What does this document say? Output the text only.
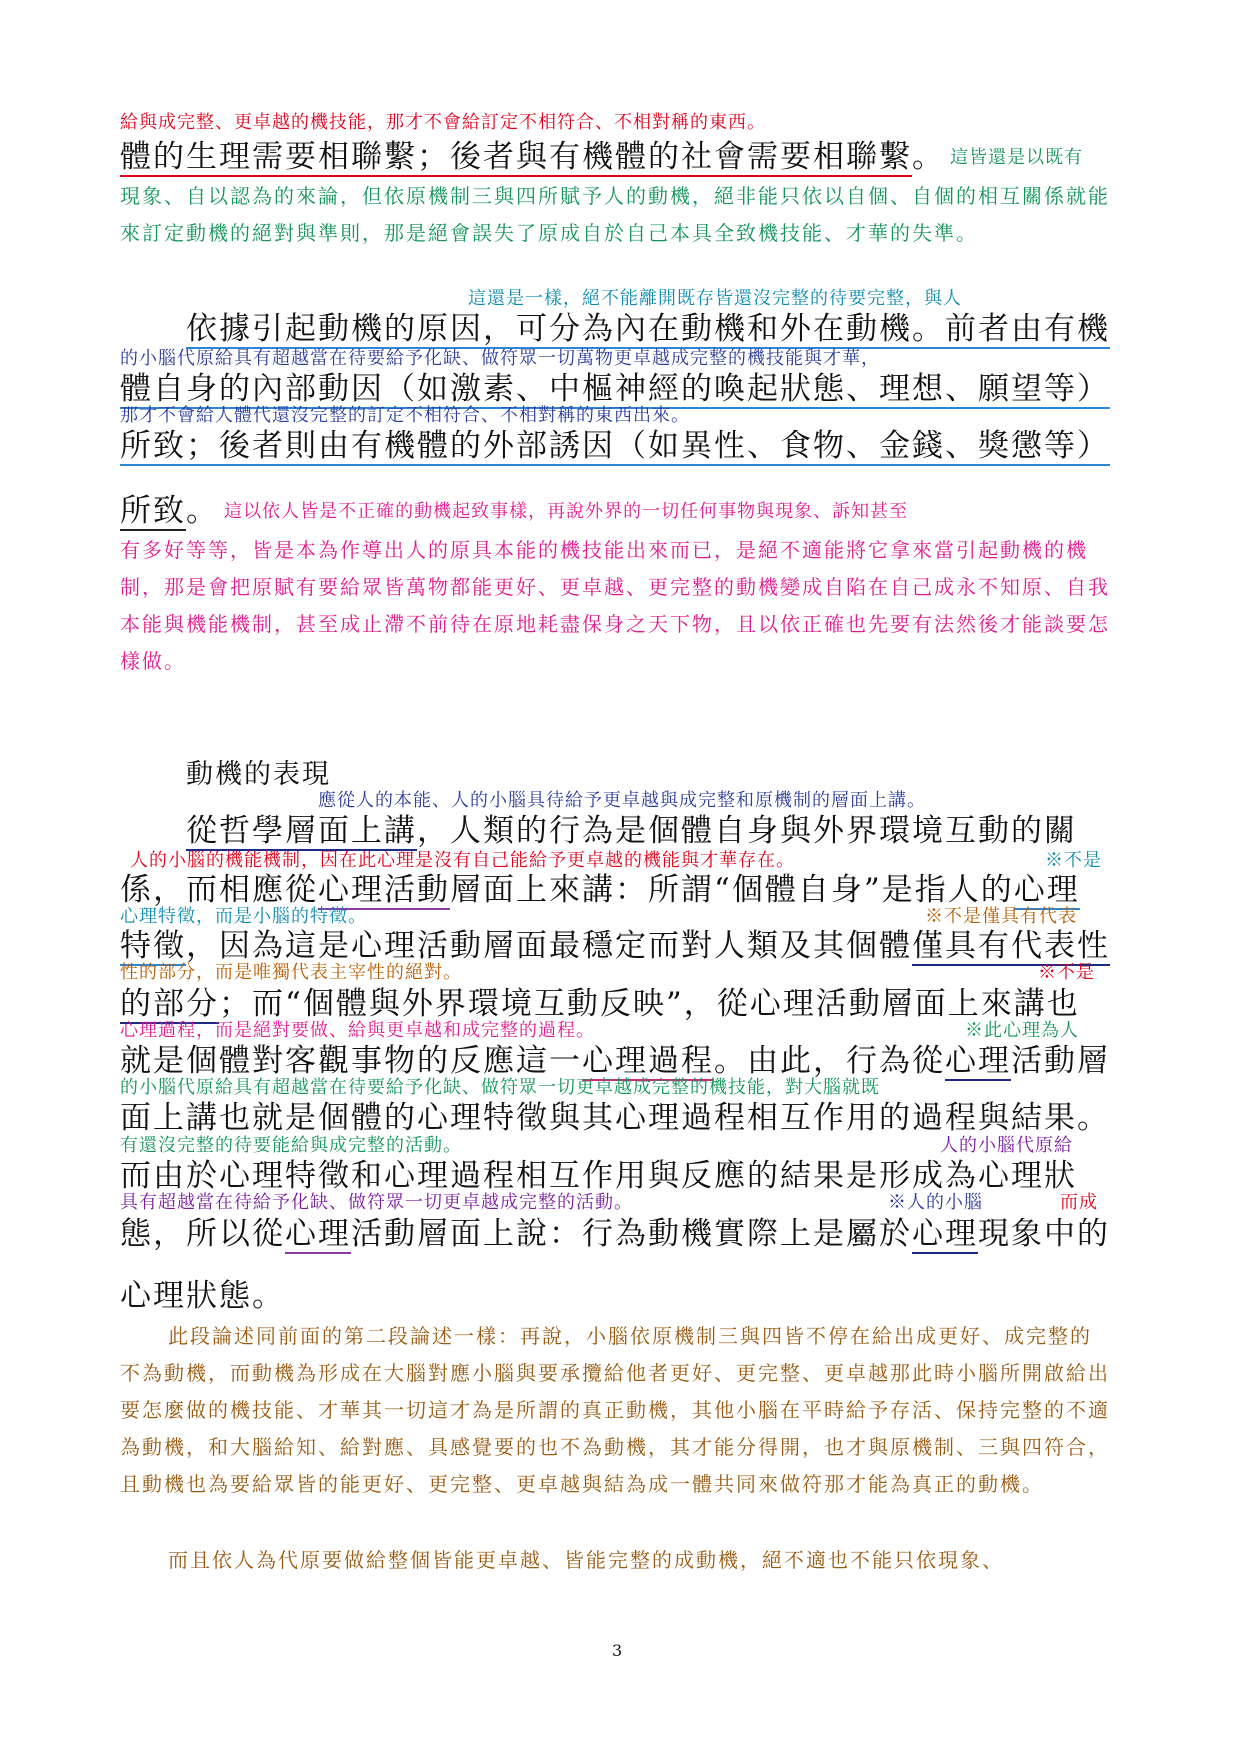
給與成完整、更卓越的機技能，那才不會給訂定不相符合、不相對稱的東西。
體的生理需要相聯繫；後者與有機體的社會需要相聯繫。 這皆還是以既有
現象、自以認為的來論，但依原機制三與四所賦予人的動機，絕非能只依以自個、自個的相互關係就能來訂定動機的絕對與準則，那是絕會誤失了原成自於自己本具全致機技能、才華的失準。
這還是一樣，絕不能離開既存皆還沒完整的待要完整，與人
依據引起動機的原因，可分為內在動機和外在動機。前者由有機
的小腦代原給具有超越當在待要給予化缺、做符眾一切萬物更卓越成完整的機技能與才華，
體自身的內部動因（如激素、中樞神經的喚起狀態、理想、願望等）
那才不會給人體代還沒完整的訂定不相符合、不相對稱的東西出來。
所致；後者則由有機體的外部誘因（如異性、食物、金錢、獎懲等）
所致。 這以依人皆是不正確的動機起致事樣，再說外界的一切任何事物與現象、訴知甚至
有多好等等，皆是本為作導出人的原具本能的機技能出來而已，是絕不適能將它拿來當引起動機的機制，那是會把原賦有要給眾皆萬物都能更好、更卓越、更完整的動機變成自陷在自己成永不知原、自我本能與機能機制，甚至成止滯不前待在原地耗盡保身之天下物，且以依正確也先要有法然後才能談要怎樣做。
動機的表現
應從人的本能、人的小腦具待給予更卓越與成完整和原機制的層面上講。
從哲學層面上講，人類的行為是個體自身與外界環境互動的關
人的小腦的機能機制，因在此心理是沒有自己能給予更卓越的機能與才華存在。	※不是
係，而相應從心理活動層面上來講：所謂“個體自身”是指人的心理
心理特徵，而是小腦的特徵。	※不是僅具有代表
特徵，因為這是心理活動層面最穩定而對人類及其個體僅具有代表性
性的部分，而是唯獨代表主宰性的絕對。	※不是
的部分；而“個體與外界環境互動反映”，從心理活動層面上來講也
心理過程，而是絕對要做、給與更卓越和成完整的過程。	※此心理為人
就是個體對客觀事物的反應這一心理過程。由此，行為從心理活動層
的小腦代原給具有超越當在待要給予化缺、做符眾一切更卓越成完整的機技能，對大腦就既
面上講也就是個體的心理特徵與其心理過程相互作用的過程與結果。
有還沒完整的待要能給與成完整的活動。	人的小腦代原給
而由於心理特徵和心理過程相互作用與反應的結果是形成為心理狀
具有超越當在待給予化缺、做符眾一切更卓越成完整的活動。	※人的小腦	而成
態，所以從心理活動層面上說：行為動機實際上是屬於心理現象中的
心理狀態。
此段論述同前面的第二段論述一樣：再說，小腦依原機制三與四皆不停在給出成更好、成完整的不為動機，而動機為形成在大腦對應小腦與要承攬給他者更好、更完整、更卓越那此時小腦所開啟給出要怎麼做的機技能、才華其一切這才為是所謂的真正動機，其他小腦在平時給予存活、保持完整的不適為動機，和大腦給知、給對應、具感覺要的也不為動機，其才能分得開，也才與原機制、三與四符合，且動機也為要給眾皆的能更好、更完整、更卓越與結為成一體共同來做符那才能為真正的動機。
而且依人為代原要做給整個皆能更卓越、皆能完整的成動機，絕不適也不能只依現象、
3
